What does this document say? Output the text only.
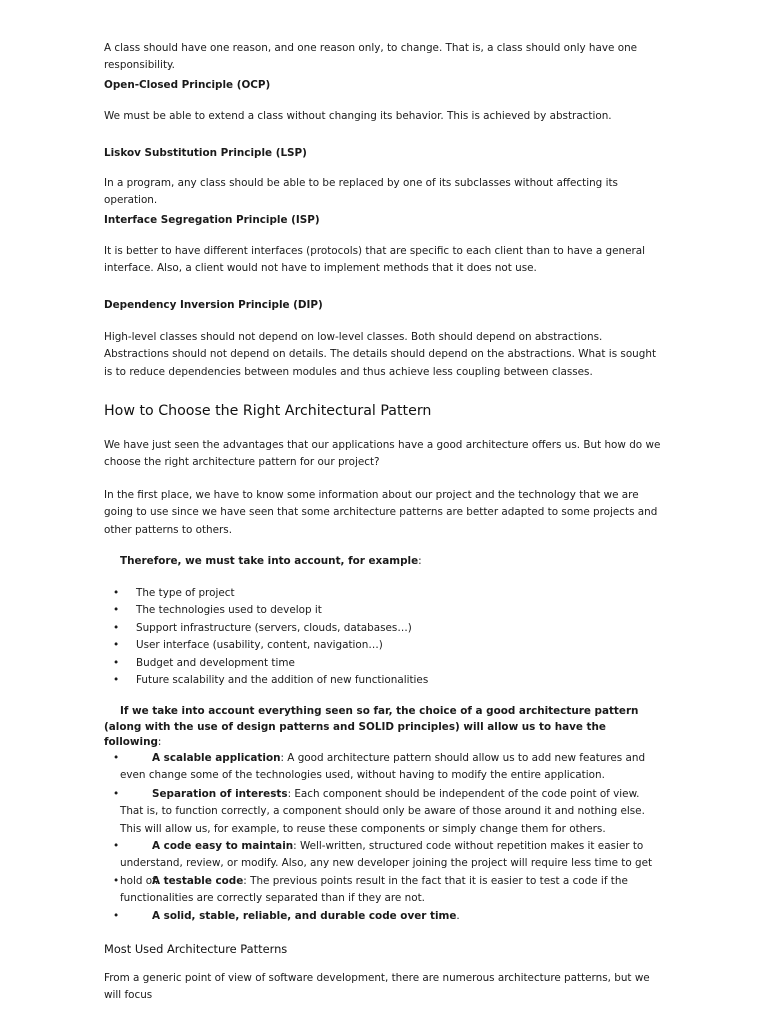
A class should have one reason, and one reason only, to change. That is, a class should only have one responsibility.

Open-Closed Principle (OCP)

We must be able to extend a class without changing its behavior. This is achieved by abstraction.

Liskov Substitution Principle (LSP)

In a program, any class should be able to be replaced by one of its subclasses without affecting its operation.

Interface Segregation Principle (ISP)

It is better to have different interfaces (protocols) that are specific to each client than to have a general interface. Also, a client would not have to implement methods that it does not use.

Dependency Inversion Principle (DIP)

High-level classes should not depend on low-level classes. Both should depend on abstractions. Abstractions should not depend on details. The details should depend on the abstractions. What is sought is to reduce dependencies between modules and thus achieve less coupling between classes.

How to Choose the Right Architectural Pattern

We have just seen the advantages that our applications have a good architecture offers us. But how do we choose the right architecture pattern for our project?

In the first place, we have to know some information about our project and the technology that we are going to use since we have seen that some architecture patterns are better adapted to some projects and other patterns to others.

Therefore, we must take into account, for example:

• The type of project
• The technologies used to develop it
• Support infrastructure (servers, clouds, databases…)
• User interface (usability, content, navigation…)
• Budget and development time
• Future scalability and the addition of new functionalities

If we take into account everything seen so far, the choice of a good architecture pattern (along with the use of design patterns and SOLID principles) will allow us to have the following:

•	A scalable application: A good architecture pattern should allow us to add new features and even change some of the technologies used, without having to modify the entire application.
•	Separation of interests: Each component should be independent of the code point of view. That is, to function correctly, a component should only be aware of those around it and nothing else. This will allow us, for example, to reuse these components or simply change them for others.
•	A code easy to maintain: Well-written, structured code without repetition makes it easier to understand, review, or modify. Also, any new developer joining the project will require less time to get hold of.
•	A testable code: The previous points result in the fact that it is easier to test a code if the functionalities are correctly separated than if they are not.
•	A solid, stable, reliable, and durable code over time.

Most Used Architecture Patterns

From a generic point of view of software development, there are numerous architecture patterns, but we will focus
